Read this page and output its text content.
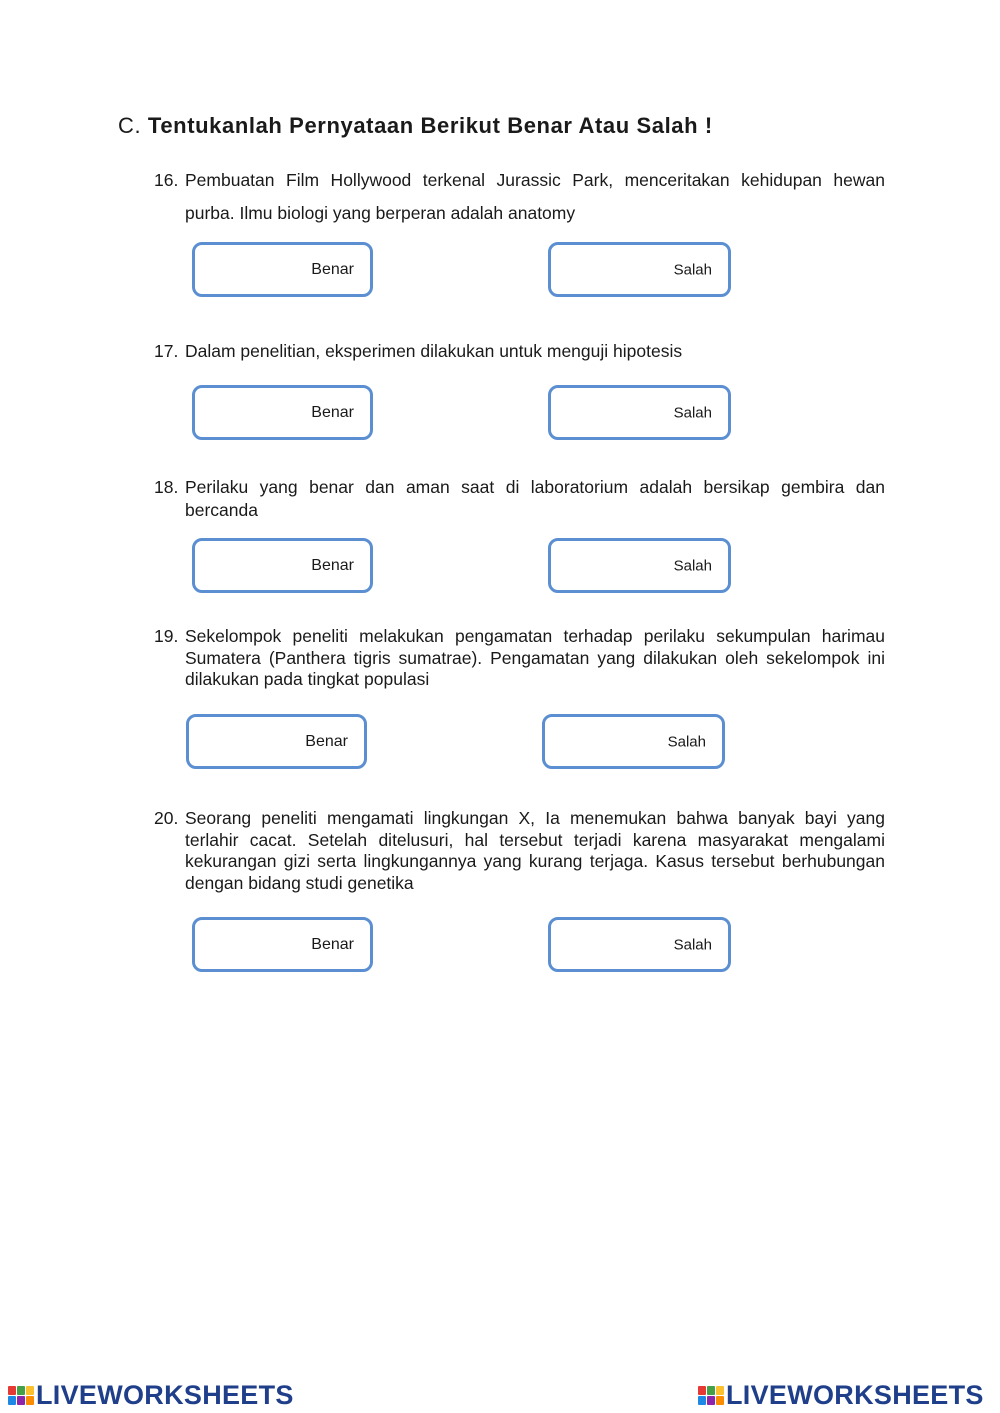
C. Tentukanlah Pernyataan Berikut Benar Atau Salah !
16. Pembuatan Film Hollywood terkenal Jurassic Park, menceritakan kehidupan hewan purba. Ilmu biologi yang berperan adalah anatomy
Benar	Salah
17. Dalam penelitian, eksperimen dilakukan untuk menguji hipotesis
Benar	Salah
18. Perilaku yang benar dan aman saat di laboratorium adalah bersikap gembira dan bercanda
Benar	Salah
19. Sekelompok peneliti melakukan pengamatan terhadap perilaku sekumpulan harimau Sumatera (Panthera tigris sumatrae). Pengamatan yang dilakukan oleh sekelompok ini dilakukan pada tingkat populasi
Benar	Salah
20. Seorang peneliti mengamati lingkungan X, Ia menemukan bahwa banyak bayi yang terlahir cacat. Setelah ditelusuri, hal tersebut terjadi karena masyarakat mengalami kekurangan gizi serta lingkungannya yang kurang terjaga. Kasus tersebut berhubungan dengan bidang studi genetika
Benar	Salah
LIVEWORKSHEETS	LIVEWORKSHEETS
